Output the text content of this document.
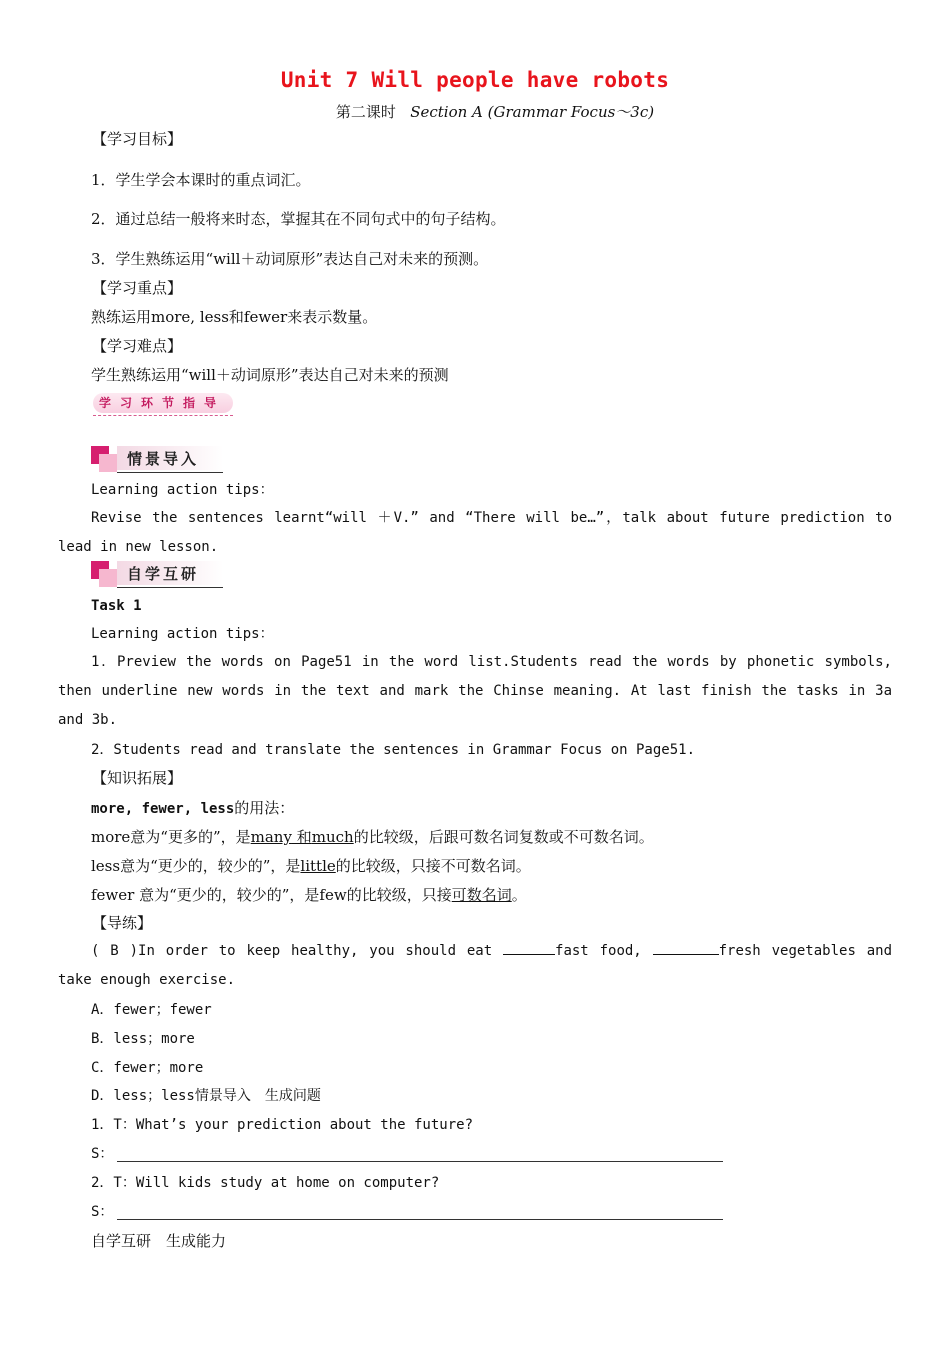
Unit 7 Will people have robots
第二课时 Section A (Grammar Focus～3c)
【学习目标】
1．学生学会本课时的重点词汇。
2．通过总结一般将来时态，掌握其在不同句式中的句子结构。
3．学生熟练运用“will＋动词原形”表达自己对未来的预测。
【学习重点】
熟练运用more, less和fewer来表示数量。
【学习难点】
学生熟练运用“will＋动词原形”表达自己对未来的预测
学习环节指导
情景导入
Learning action tips：
Revise the sentences learnt“will ＋V.” and “There will be…”，talk about future prediction to lead in new lesson.
自学互研
Task 1
Learning action tips：
1．Preview the words on Page51 in the word list.Students read the words by phonetic symbols, then underline new words in the text and mark the Chinse meaning. At last finish the tasks in 3a and 3b.
2．Students read and translate the sentences in Grammar Focus on Page51.
【知识拓展】
more, fewer, less的用法：
more意为“更多的”，是many 和much的比较级，后跟可数名词复数或不可数名词。
less意为“更少的，较少的”，是little的比较级，只接不可数名词。
fewer 意为“更少的，较少的”，是few的比较级，只接可数名词。
【导练】
( B )In order to keep healthy, you should eat	fast food,	fresh vegetables and take enough exercise.
A．fewer；fewer
B．less；more
C．fewer；more
D．less；less情景导入　生成问题
1．T：What’s your prediction about the future?
S：
2．T：Will kids study at home on computer?
S：
自学互研　生成能力
